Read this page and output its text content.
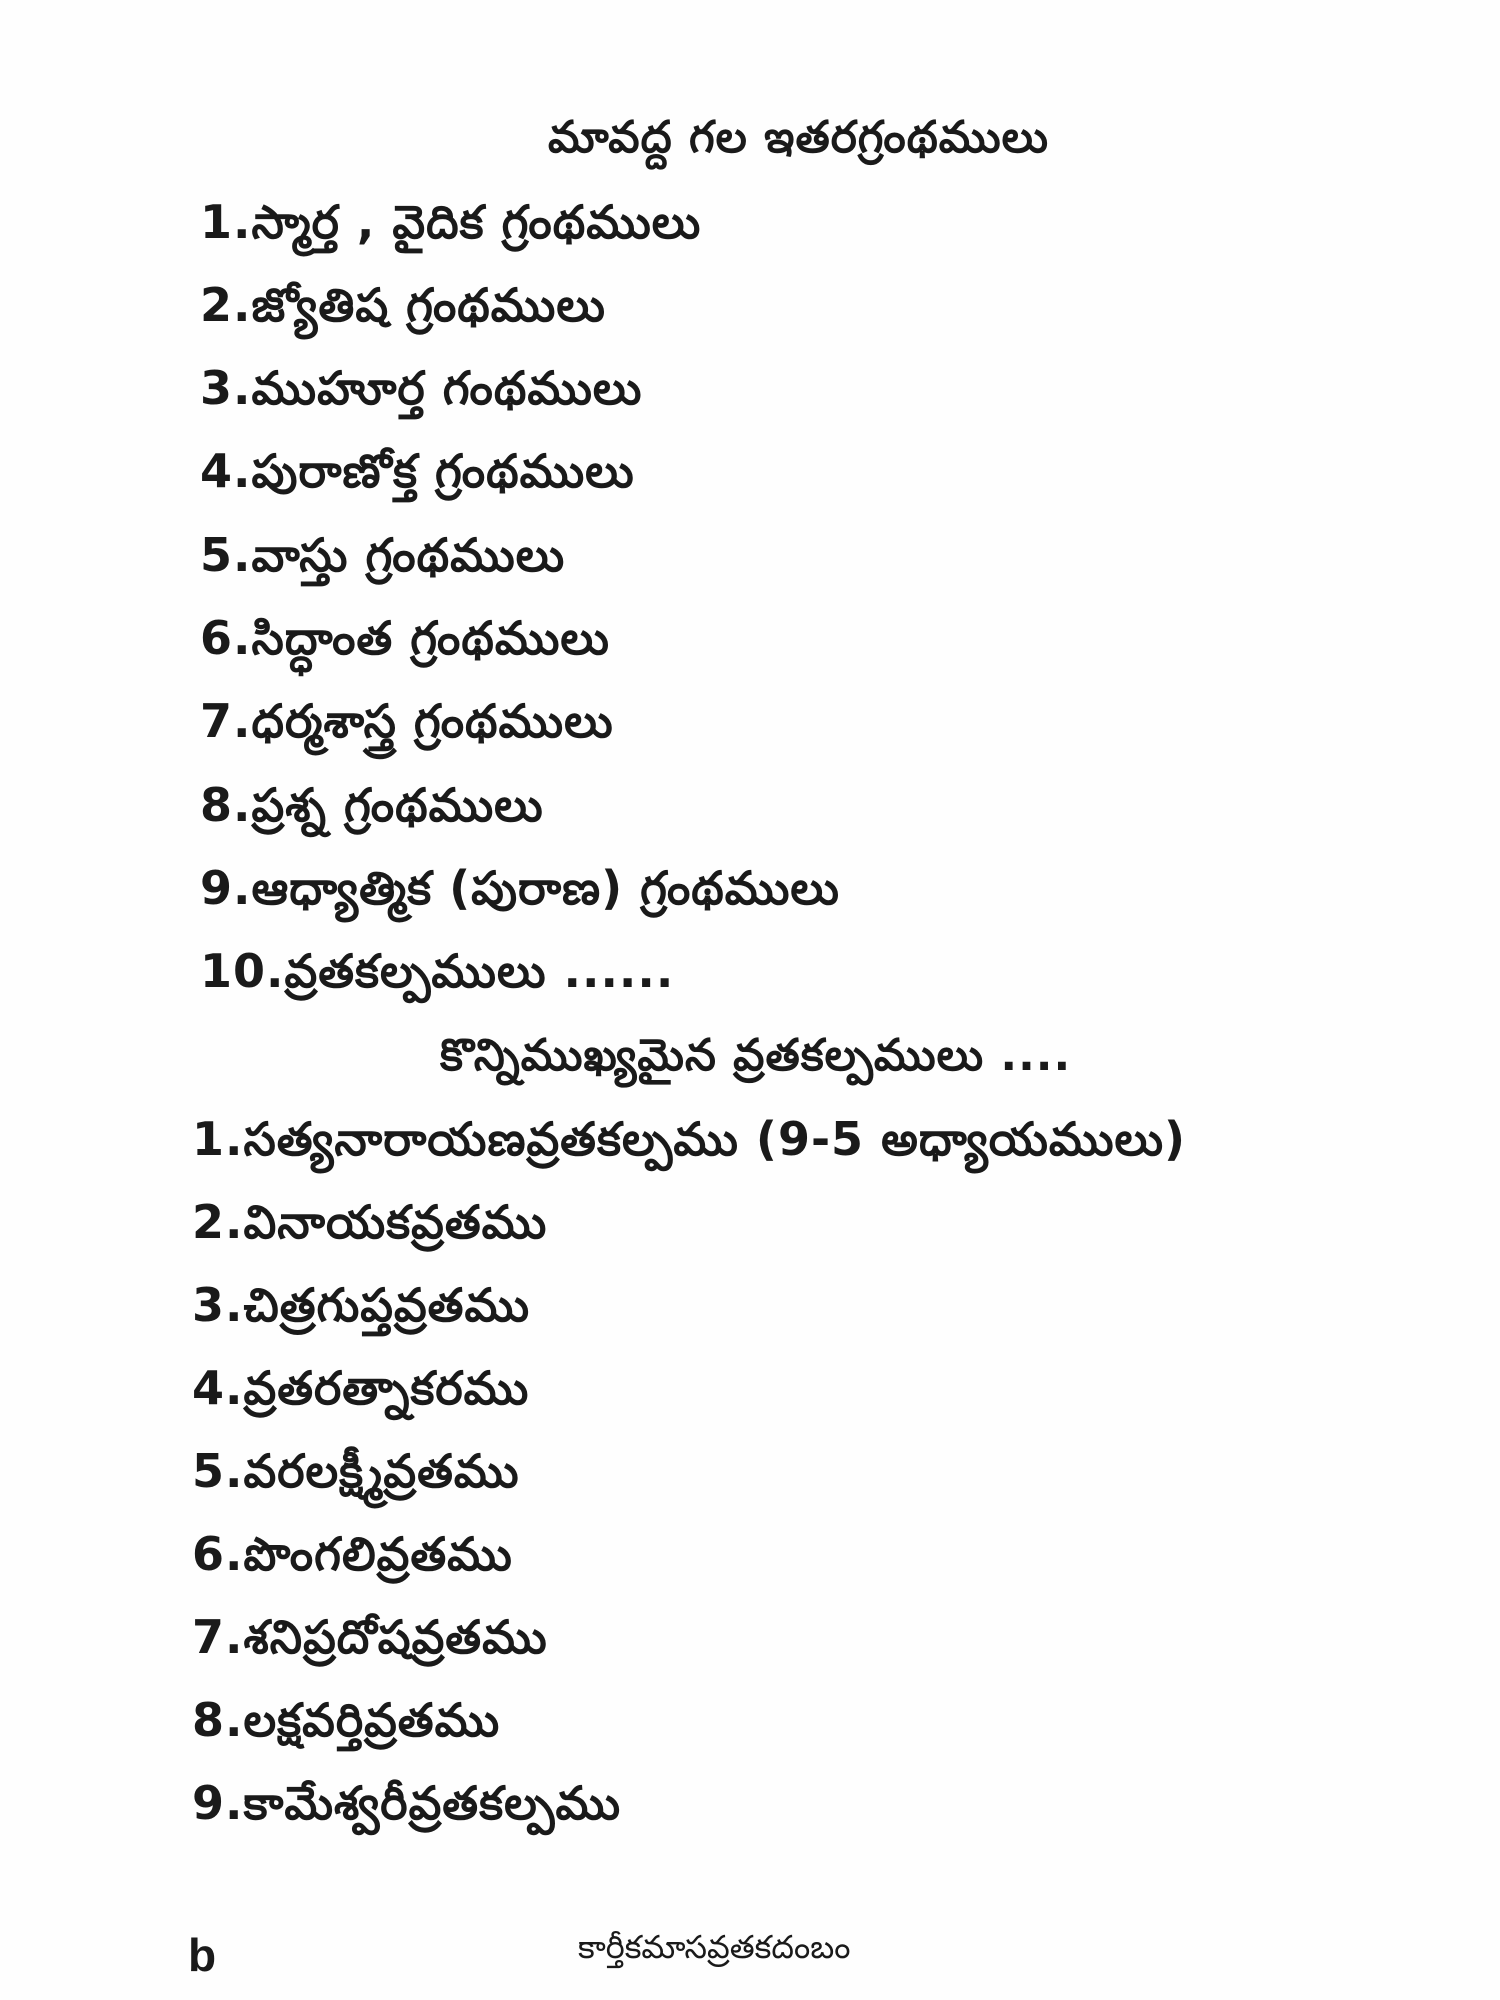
మావద్ద గల ఇతరగ్రంథములు
1.స్మార్త , వైదిక గ్రంథములు
2.జ్యోతిష గ్రంథములు
3.ముహూర్త గంథములు
4.పురాణోక్త గ్రంథములు
5.వాస్తు గ్రంథములు
6.సిద్ధాంత గ్రంథములు
7.ధర్మశాస్త్ర గ్రంథములు
8.ప్రశ్న గ్రంథములు
9.ఆధ్యాత్మిక (పురాణ) గ్రంథములు
10.వ్రతకల్పములు ......
కొన్నిముఖ్యమైన వ్రతకల్పములు ....
1.సత్యనారాయణవ్రతకల్పము (9-5 అధ్యాయములు)
2.వినాయకవ్రతము
3.చిత్రగుప్తవ్రతము
4.వ్రతరత్నాకరము
5.వరలక్ష్మీవ్రతము
6.పొంగలివ్రతము
7.శనిప్రదోషవ్రతము
8.లక్షవర్తివ్రతము
9.కామేశ్వరీవ్రతకల్పము
b	కార్తీకమాసవ్రతకదంబం
